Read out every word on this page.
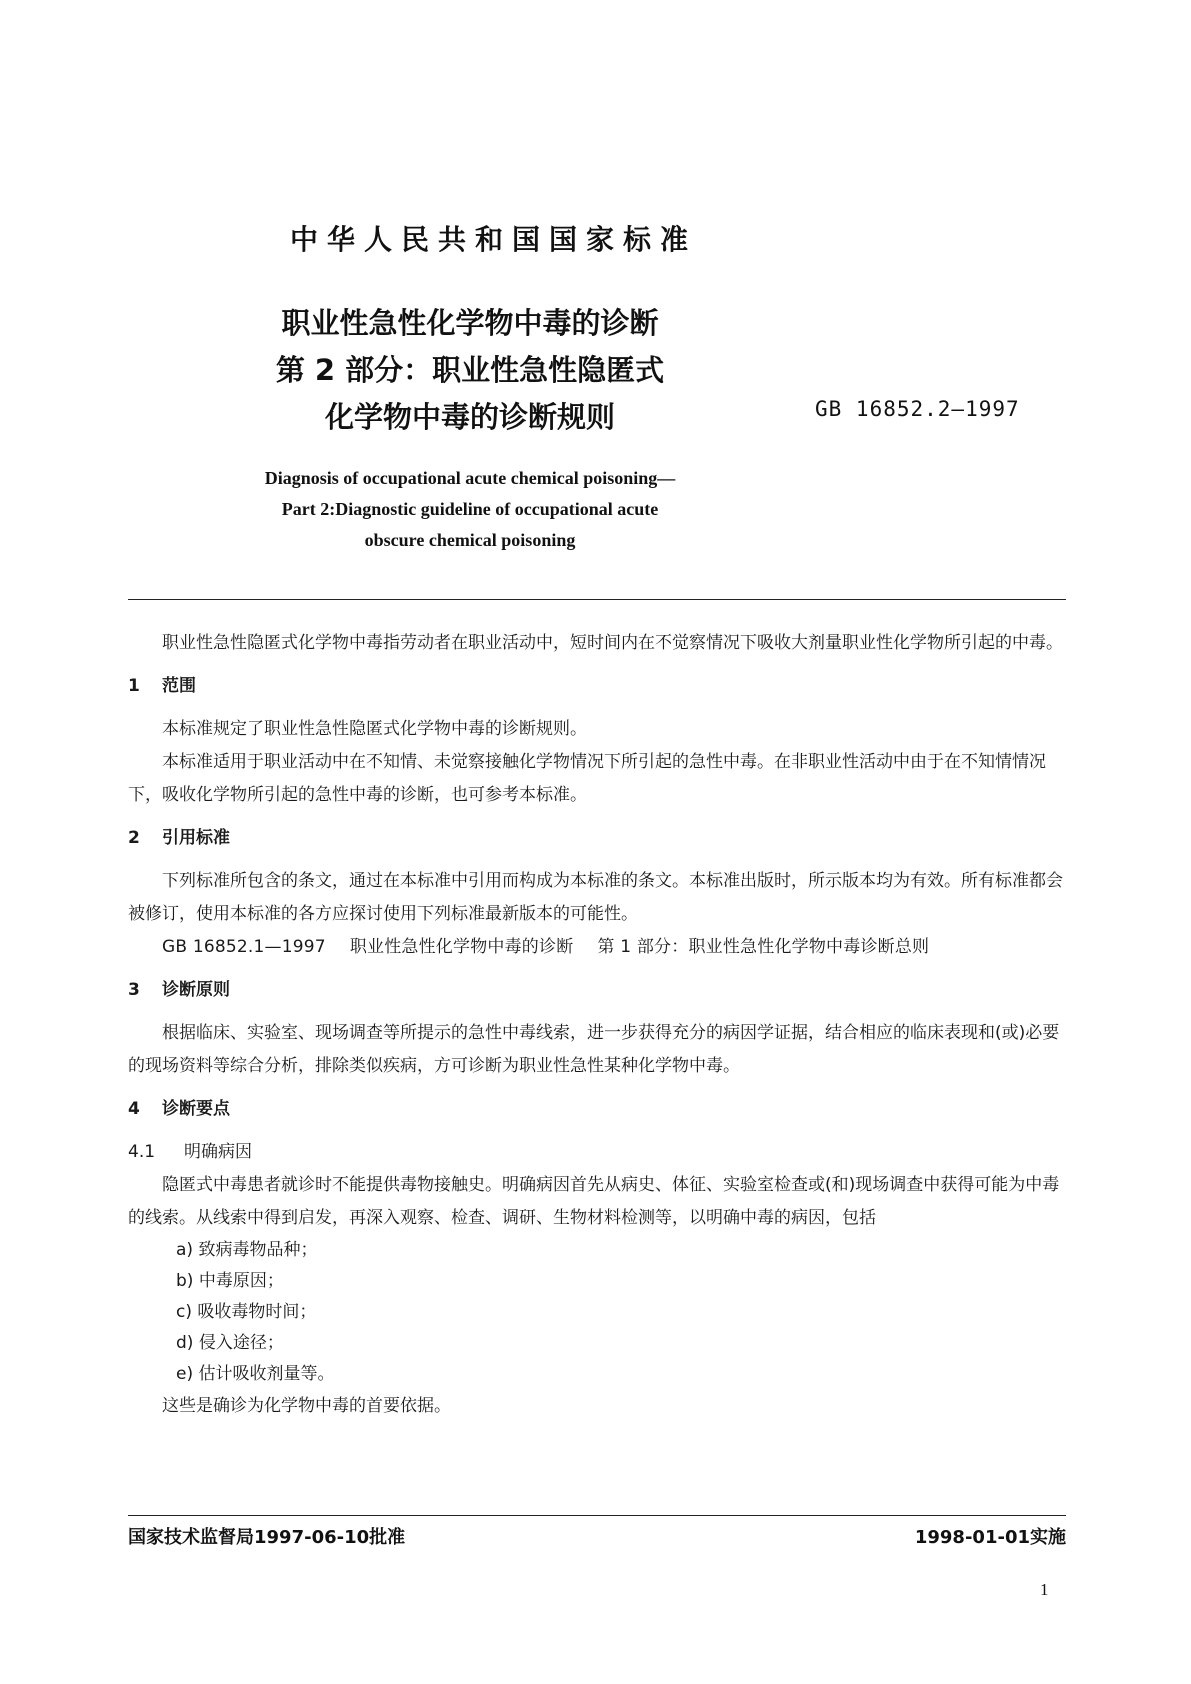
中华人民共和国国家标准
职业性急性化学物中毒的诊断
第 2 部分：职业性急性隐匿式
化学物中毒的诊断规则	GB 16852.2—1997
Diagnosis of occupational acute chemical poisoning—
Part 2:Diagnostic guideline of occupational acute
obscure chemical poisoning

职业性急性隐匿式化学物中毒指劳动者在职业活动中，短时间内在不觉察情况下吸收大剂量职业性化学物所引起的中毒。

1 范围

本标准规定了职业性急性隐匿式化学物中毒的诊断规则。

本标准适用于职业活动中在不知情、未觉察接触化学物情况下所引起的急性中毒。在非职业性活动中由于在不知情情况下，吸收化学物所引起的急性中毒的诊断，也可参考本标准。

2 引用标准

下列标准所包含的条文，通过在本标准中引用而构成为本标准的条文。本标准出版时，所示版本均为有效。所有标准都会被修订，使用本标准的各方应探讨使用下列标准最新版本的可能性。

GB 16852.1—1997 职业性急性化学物中毒的诊断 第 1 部分：职业性急性化学物中毒诊断总则
3 诊断原则

根据临床、实验室、现场调查等所提示的急性中毒线索，进一步获得充分的病因学证据，结合相应的临床表现和(或)必要的现场资料等综合分析，排除类似疾病，方可诊断为职业性急性某种化学物中毒。

4 诊断要点
4.1 明确病因

隐匿式中毒患者就诊时不能提供毒物接触史。明确病因首先从病史、体征、实验室检查或(和)现场调查中获得可能为中毒的线索。从线索中得到启发，再深入观察、检查、调研、生物材料检测等，以明确中毒的病因，包括

a) 致病毒物品种；
b) 中毒原因；
c) 吸收毒物时间；
d) 侵入途径；
e) 估计吸收剂量等。

这些是确诊为化学物中毒的首要依据。

国家技术监督局1997-06-10批准	1998-01-01实施
1
